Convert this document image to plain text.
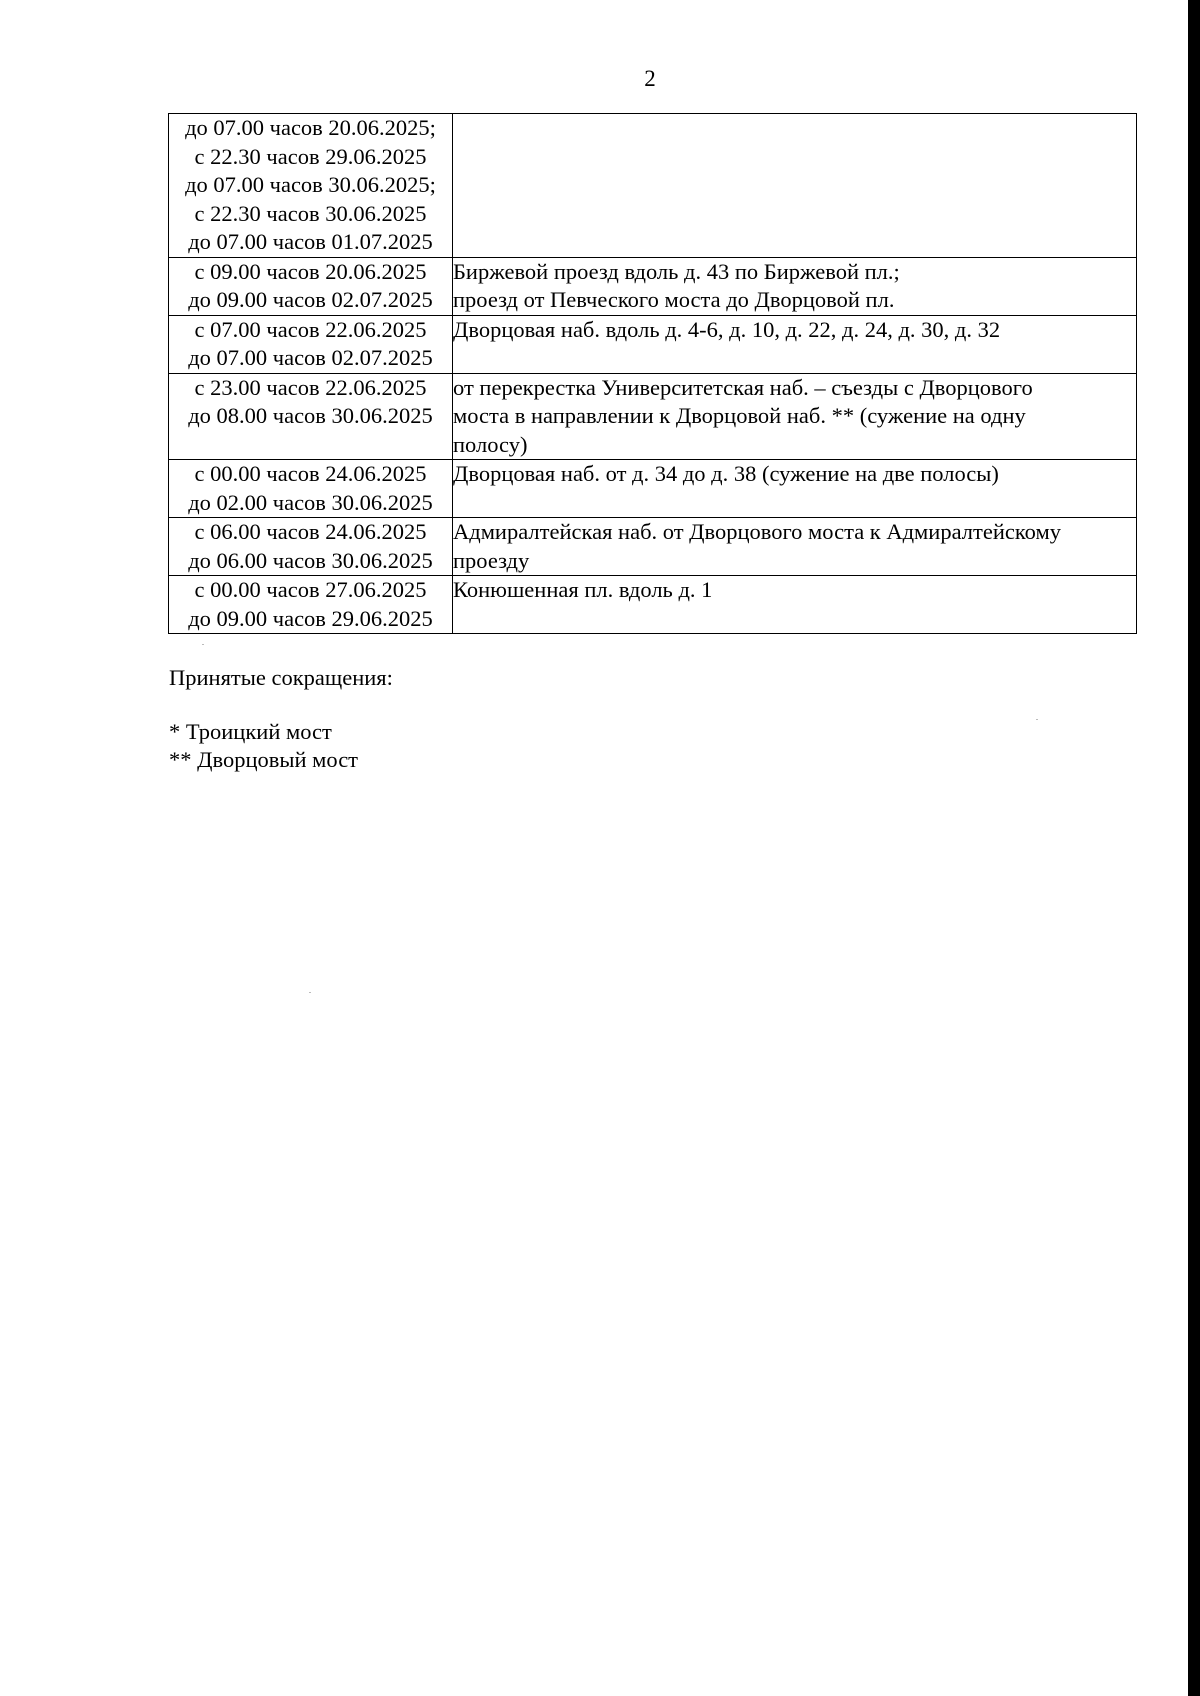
2
до 07.00 часов 20.06.2025;
с 22.30 часов 29.06.2025
до 07.00 часов 30.06.2025;
с 22.30 часов 30.06.2025
до 07.00 часов 01.07.2025	

с 09.00 часов 20.06.2025
до 09.00 часов 02.07.2025	Биржевой проезд вдоль д. 43 по Биржевой пл.;
проезд от Певческого моста до Дворцовой пл.

с 07.00 часов 22.06.2025
до 07.00 часов 02.07.2025	Дворцовая наб. вдоль д. 4-6, д. 10, д. 22, д. 24, д. 30, д. 32

с 23.00 часов 22.06.2025
до 08.00 часов 30.06.2025	от перекрестка Университетская наб. – съезды с Дворцового
моста в направлении к Дворцовой наб. ** (сужение на одну
полосу)

с 00.00 часов 24.06.2025
до 02.00 часов 30.06.2025	Дворцовая наб. от д. 34 до д. 38 (сужение на две полосы)

с 06.00 часов 24.06.2025
до 06.00 часов 30.06.2025	Адмиралтейская наб. от Дворцового моста к Адмиралтейскому
проезду

с 00.00 часов 27.06.2025
до 09.00 часов 29.06.2025	Конюшенная пл. вдоль д. 1
Принятые сокращения:
* Троицкий мост
** Дворцовый мост
